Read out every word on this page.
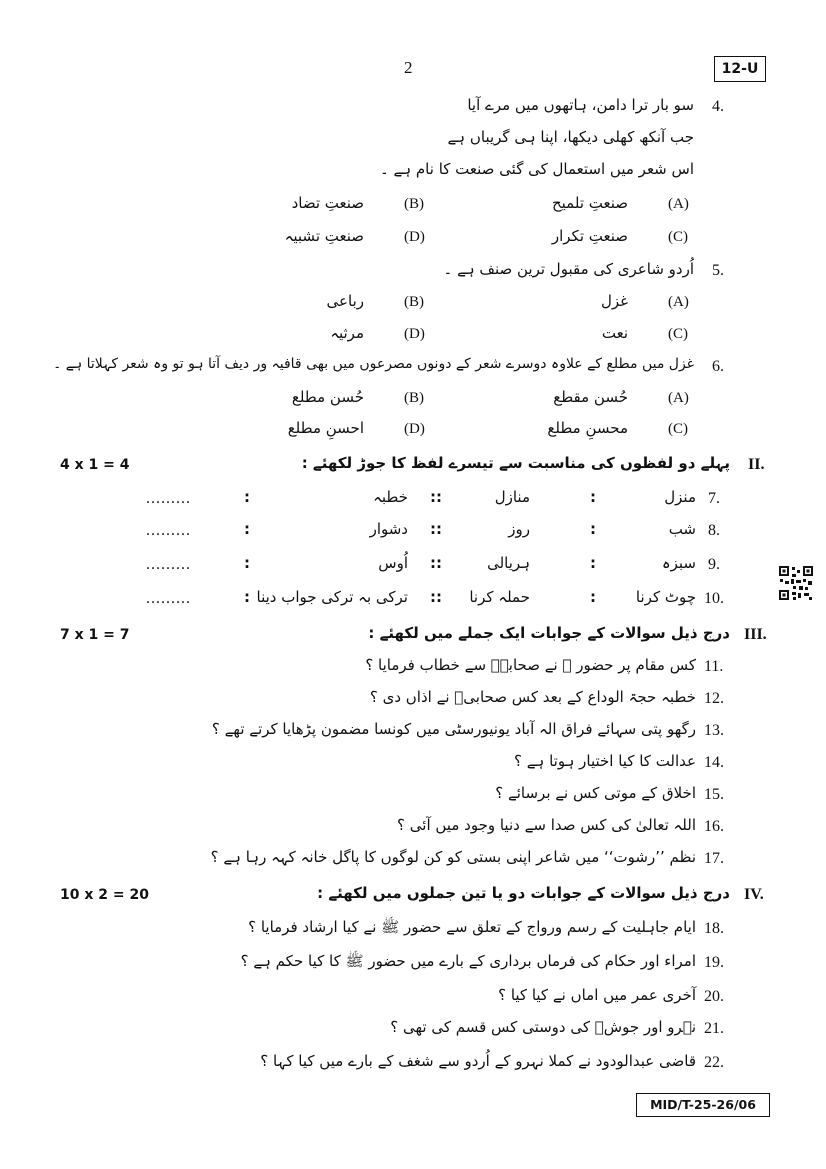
2	12-U
4.
سو بار ترا دامن، ہاتھوں میں مرے آیا
جب آنکھ کھلی دیکھا، اپنا ہی گریباں ہے
اس شعر میں استعمال کی گئی صنعت کا نام ہے ۔
(A)
صنعتِ تلمیح
(B)
صنعتِ تضاد
(C)
صنعتِ تکرار
(D)
صنعتِ تشبیہ
5.
اُردو شاعری کی مقبول ترین صنف ہے ۔
(A)
غزل
(B)
رباعی
(C)
نعت
(D)
مرثیہ
6.
غزل میں مطلع کے علاوہ دوسرے شعر کے دونوں مصرعوں میں بھی قافیہ ور دیف آتا ہو تو وہ شعر کہلاتا ہے ۔
(A)
حُسن مقطع
(B)
حُسن مطلع
(C)
محسنِ مطلع
(D)
احسنِ مطلع
II.
پہلے دو لفظوں کی مناسبت سے تیسرے لفظ کا جوڑ لکھئے :
4 x 1 = 4
7.
منزل
:
منازل
::
خطبہ
:
.........
8.
شب
:
روز
::
دشوار
:
.........
9.
سبزہ
:
ہریالی
::
اُوس
:
.........
10.
چوٹ کرنا
:
حملہ کرنا
::
ترکی بہ ترکی جواب دینا
:
.........
III.
درج ذیل سوالات کے جوابات ایک جملے میں لکھئے :
7 x 1 = 7
11.
کس مقام پر حضور ﷺ نے صحابہؓ سے خطاب فرمایا ؟
12.
خطبہ حجۃ الوداع کے بعد کس صحابیؓ نے اذاں دی ؟
13.
رگھو پتی سہائے فراق الہ آباد یونیورسٹی میں کونسا مضمون پڑھایا کرتے تھے ؟
14.
عدالت کا کیا اختیار ہوتا ہے ؟
15.
اخلاق کے موتی کس نے برسائے ؟
16.
اللہ تعالیٰ کی کس صدا سے دنیا وجود میں آئی ؟
17.
نظم ’’رشوت‘‘ میں شاعر اپنی بستی کو کن لوگوں کا پاگل خانہ کہہ رہا ہے ؟
IV.
درج ذیل سوالات کے جوابات دو یا تین جملوں میں لکھئے :
10 x 2 = 20
18.
ایام جاہلیت کے رسم ورواج کے تعلق سے حضور ﷺ نے کیا ارشاد فرمایا ؟
19.
امراء اور حکام کی فرماں برداری کے بارے میں حضور ﷺ کا کیا حکم ہے ؟
20.
آخری عمر میں اماں نے کیا کیا ؟
21.
نہرو اور جوشؔ کی دوستی کس قسم کی تھی ؟
22.
قاضی عبدالودود نے کملا نہرو کے اُردو سے شغف کے بارے میں کیا کہا ؟
MID/T-25-26/06
